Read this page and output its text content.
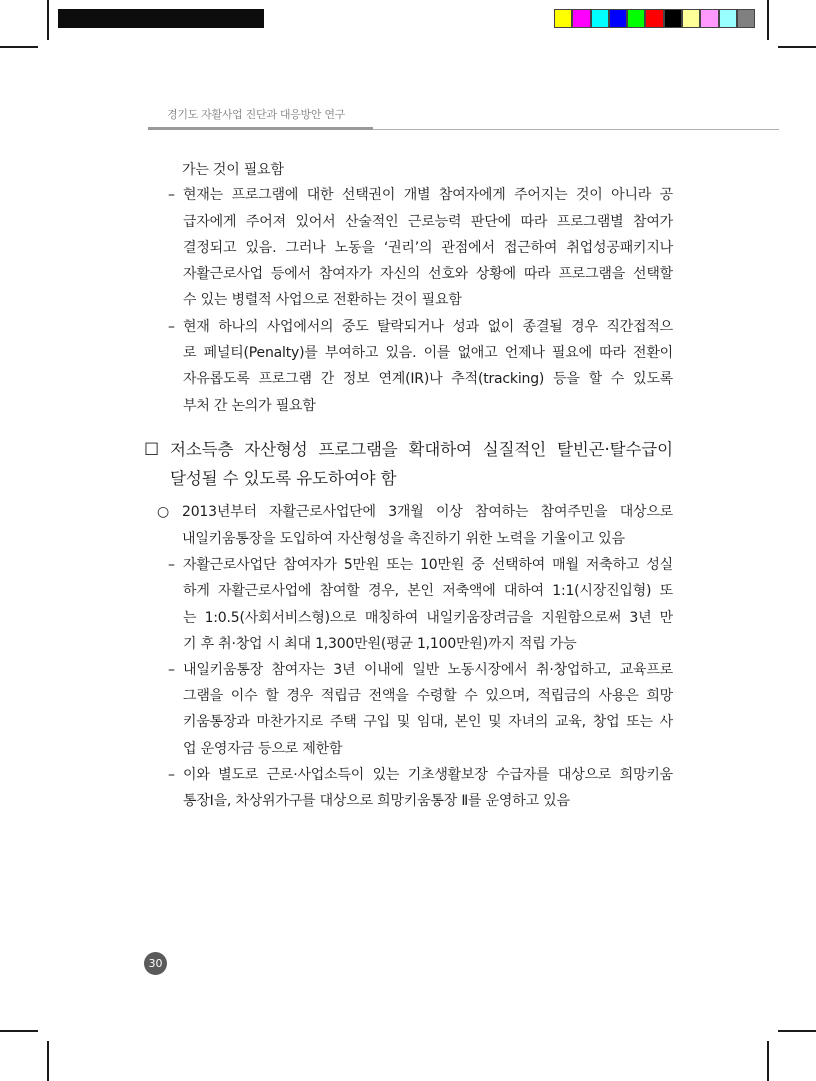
경기도 자활사업 진단과 대응방안 연구
가는 것이 필요함
– 현재는 프로그램에 대한 선택권이 개별 참여자에게 주어지는 것이 아니라 공
급자에게 주어져 있어서 산술적인 근로능력 판단에 따라 프로그램별 참여가
결정되고 있음. 그러나 노동을 ‘권리’의 관점에서 접근하여 취업성공패키지나
자활근로사업 등에서 참여자가 자신의 선호와 상황에 따라 프로그램을 선택할
수 있는 병렬적 사업으로 전환하는 것이 필요함
– 현재 하나의 사업에서의 중도 탈락되거나 성과 없이 종결될 경우 직간접적으
로 페널티(Penalty)를 부여하고 있음. 이를 없애고 언제나 필요에 따라 전환이
자유롭도록 프로그램 간 정보 연계(IR)나 추적(tracking) 등을 할 수 있도록
부처 간 논의가 필요함
☐ 저소득층 자산형성 프로그램을 확대하여 실질적인 탈빈곤·탈수급이
달성될 수 있도록 유도하여야 함
○ 2013년부터 자활근로사업단에 3개월 이상 참여하는 참여주민을 대상으로
내일키움통장을 도입하여 자산형성을 촉진하기 위한 노력을 기울이고 있음
– 자활근로사업단 참여자가 5만원 또는 10만원 중 선택하여 매월 저축하고 성실
하게 자활근로사업에 참여할 경우, 본인 저축액에 대하여 1:1(시장진입형) 또
는 1:0.5(사회서비스형)으로 매칭하여 내일키움장려금을 지원함으로써 3년 만
기 후 취·창업 시 최대 1,300만원(평균 1,100만원)까지 적립 가능
– 내일키움통장 참여자는 3년 이내에 일반 노동시장에서 취·창업하고, 교육프로
그램을 이수 할 경우 적립금 전액을 수령할 수 있으며, 적립금의 사용은 희망
키움통장과 마찬가지로 주택 구입 및 임대, 본인 및 자녀의 교육, 창업 또는 사
업 운영자금 등으로 제한함
– 이와 별도로 근로·사업소득이 있는 기초생활보장 수급자를 대상으로 희망키움
통장Ⅰ을, 차상위가구를 대상으로 희망키움통장 Ⅱ를 운영하고 있음
30
